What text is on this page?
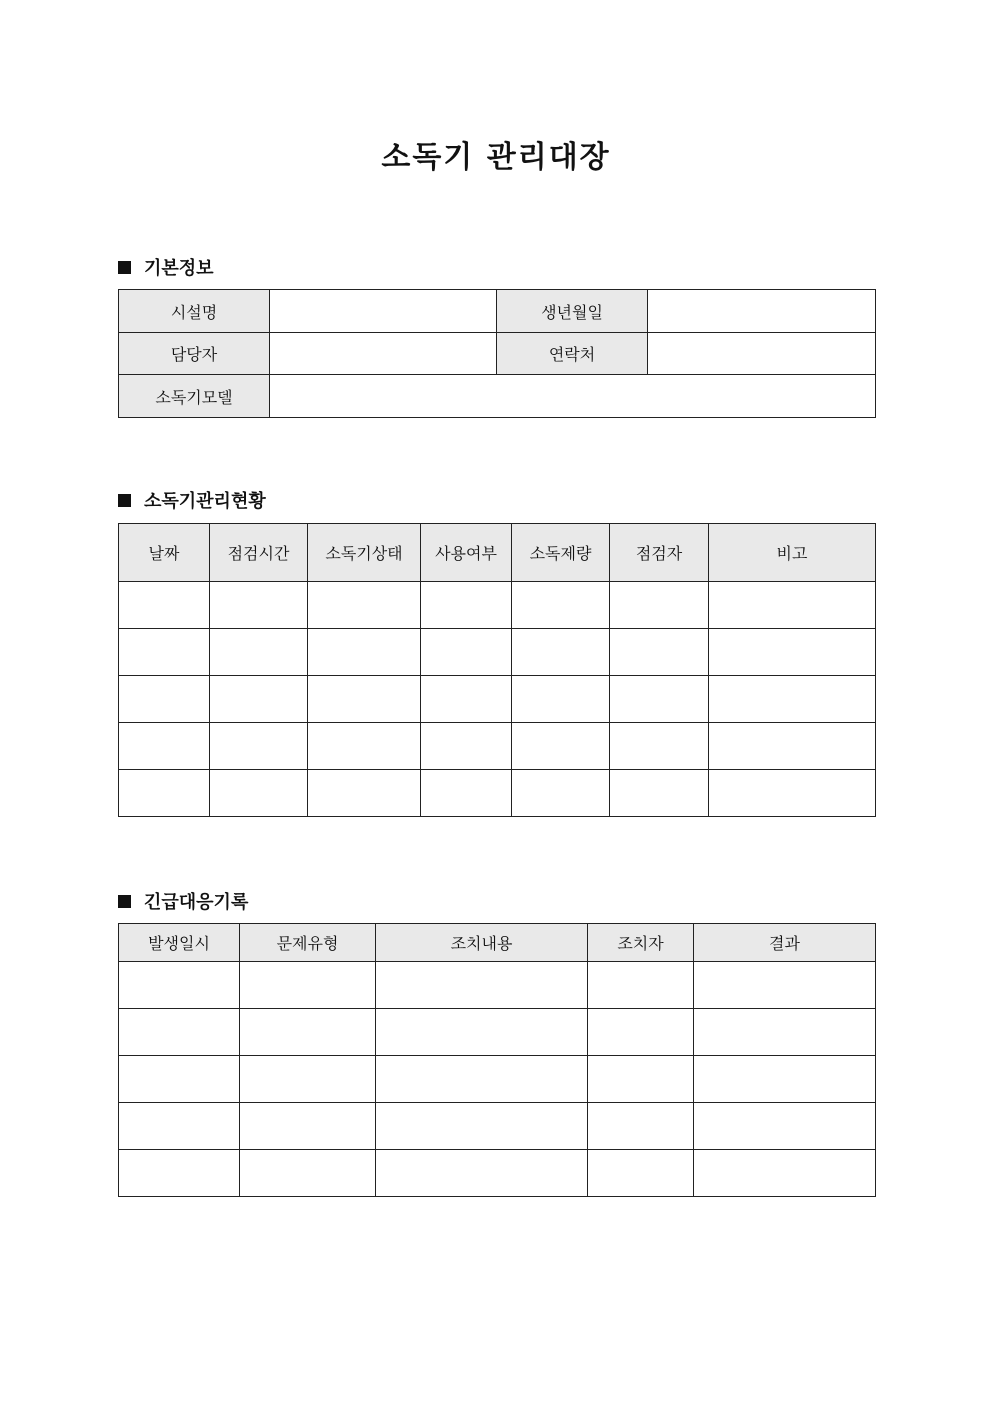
소독기 관리대장
기본정보
시설명		생년월일	
담당자		연락처	
소독기모델			
소독기관리현황
날짜	점검시간	소독기상태	사용여부	소독제량	점검자	비고

긴급대응기록
발생일시	문제유형	조치내용	조치자	결과
